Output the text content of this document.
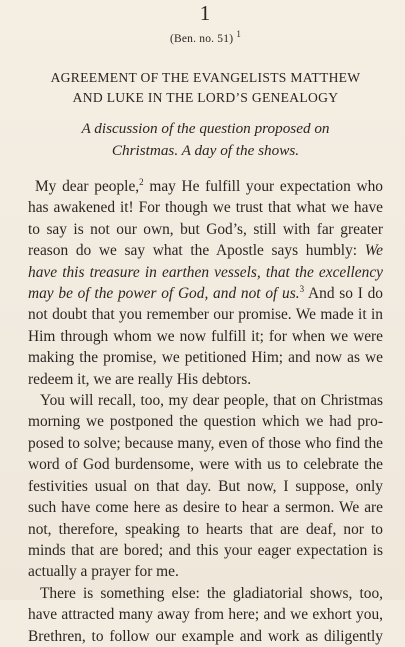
1
(Ben. no. 51) $^1$
AGREEMENT OF THE EVANGELISTS MATTHEW
AND LUKE IN THE LORD’S GENEALOGY
A discussion of the question proposed on
Christmas. A day of the shows.
My dear people,$^2$ may He fulfill your expectation who
has awakened it! For though we trust that what we have
to say is not our own, but God’s, still with far greater
reason do we say what the Apostle says humbly: We
have this treasure in earthen vessels, that the excellency
may be of the power of God, and not of us.$^3$ And so I do
not doubt that you remember our promise. We made it in
Him through whom we now fulfill it; for when we were
making the promise, we petitioned Him; and now as we
redeem it, we are really His debtors.
You will recall, too, my dear people, that on Christmas
morning we postponed the question which we had pro-
posed to solve; because many, even of those who find the
word of God burdensome, were with us to celebrate the
festivities usual on that day. But now, I suppose, only
such have come here as desire to hear a sermon. We are
not, therefore, speaking to hearts that are deaf, nor to
minds that are bored; and this your eager expectation is
actually a prayer for me.
There is something else: the gladiatorial shows, too,
have attracted many away from here; and we exhort you,
Brethren, to follow our example and work as diligently
